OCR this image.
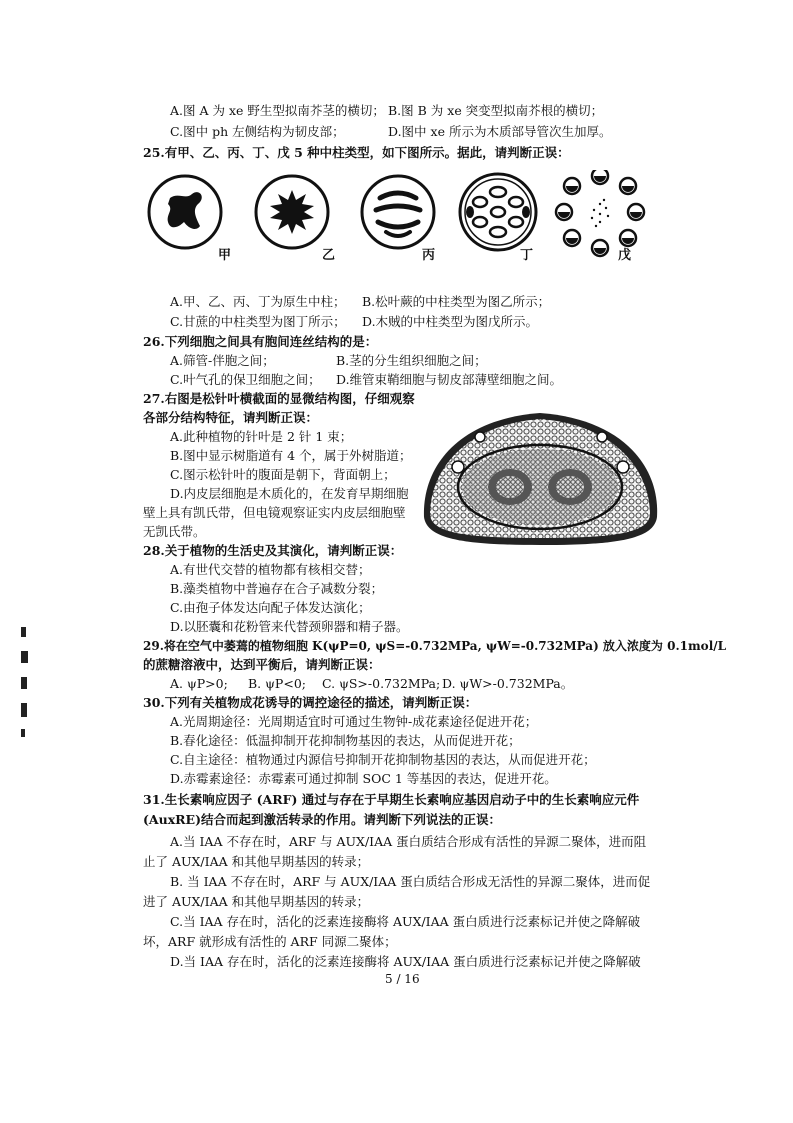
A.图 A 为 xe 野生型拟南芥茎的横切； B.图 B 为 xe 突变型拟南芥根的横切；
C.图中 ph 左侧结构为韧皮部；	D.图中 xe 所示为木质部导管次生加厚。
25.有甲、乙、丙、丁、戊 5 种中柱类型，如下图所示。据此，请判断正误：
甲	乙	丙	丁	戊
A.甲、乙、丙、丁为原生中柱； B.松叶蕨的中柱类型为图乙所示；
C.甘蔗的中柱类型为图丁所示； D.木贼的中柱类型为图戊所示。
26.下列细胞之间具有胞间连丝结构的是：
A.筛管-伴胞之间；	B.茎的分生组织细胞之间；
C.叶气孔的保卫细胞之间； D.维管束鞘细胞与韧皮部薄壁细胞之间。
27.右图是松针叶横截面的显微结构图，仔细观察
各部分结构特征，请判断正误：
A.此种植物的针叶是 2 针 1 束；
B.图中显示树脂道有 4 个，属于外树脂道；
C.图示松针叶的腹面是朝下，背面朝上；
D.内皮层细胞是木质化的，在发育早期细胞
壁上具有凯氏带，但电镜观察证实内皮层细胞壁
无凯氏带。
28.关于植物的生活史及其演化，请判断正误：
A.有世代交替的植物都有核相交替；
B.藻类植物中普遍存在合子减数分裂；
C.由孢子体发达向配子体发达演化；
D.以胚囊和花粉管来代替颈卵器和精子器。
29.将在空气中萎蔫的植物细胞 K(ψP=0, ψS=-0.732MPa, ψW=-0.732MPa) 放入浓度为 0.1mol/L
的蔗糖溶液中，达到平衡后，请判断正误：
A. ψP>0; B. ψP<0; C. ψS>-0.732MPa; D. ψW>-0.732MPa。
30.下列有关植物成花诱导的调控途径的描述，请判断正误：
A.光周期途径：光周期适宜时可通过生物钟-成花素途径促进开花；
B.春化途径：低温抑制开花抑制物基因的表达，从而促进开花；
C.自主途径：植物通过内源信号抑制开花抑制物基因的表达，从而促进开花；
D.赤霉素途径：赤霉素可通过抑制 SOC 1 等基因的表达，促进开花。
31.生长素响应因子 (ARF) 通过与存在于早期生长素响应基因启动子中的生长素响应元件
(AuxRE)结合而起到激活转录的作用。请判断下列说法的正误：
A.当 IAA 不存在时，ARF 与 AUX/IAA 蛋白质结合形成有活性的异源二聚体，进而阻
止了 AUX/IAA 和其他早期基因的转录；
B. 当 IAA 不存在时，ARF 与 AUX/IAA 蛋白质结合形成无活性的异源二聚体，进而促
进了 AUX/IAA 和其他早期基因的转录；
C.当 IAA 存在时，活化的泛素连接酶将 AUX/IAA 蛋白质进行泛素标记并使之降解破
坏，ARF 就形成有活性的 ARF 同源二聚体；
D.当 IAA 存在时，活化的泛素连接酶将 AUX/IAA 蛋白质进行泛素标记并使之降解破
5 / 16
